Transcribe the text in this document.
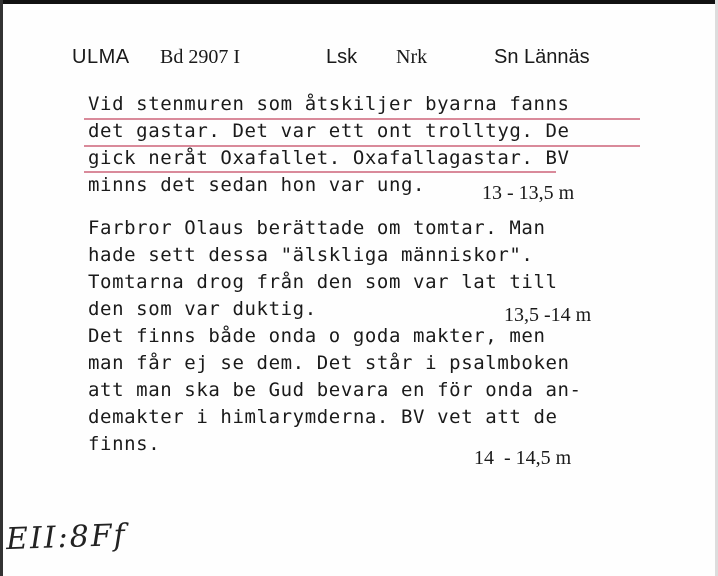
ULMA Bd 2907 I	Lsk Nrk	Sn Lännäs
Vid stenmuren som åtskiljer byarna fanns
det gastar. Det var ett ont trolltyg. De
gick neråt Oxafallet. Oxafallagastar. BV
minns det sedan hon var ung.	13 - 13,5 m
Farbror Olaus berättade om tomtar. Man
hade sett dessa "älskliga människor".
Tomtarna drog från den som var lat till
den som var duktig.	13,5 -14 m
Det finns både onda o goda makter, men
man får ej se dem. Det står i psalmboken
att man ska be Gud bevara en för onda an-
demakter i himlarymderna. BV vet att de
finns.
14  - 14,5 m
EII:8Ff
